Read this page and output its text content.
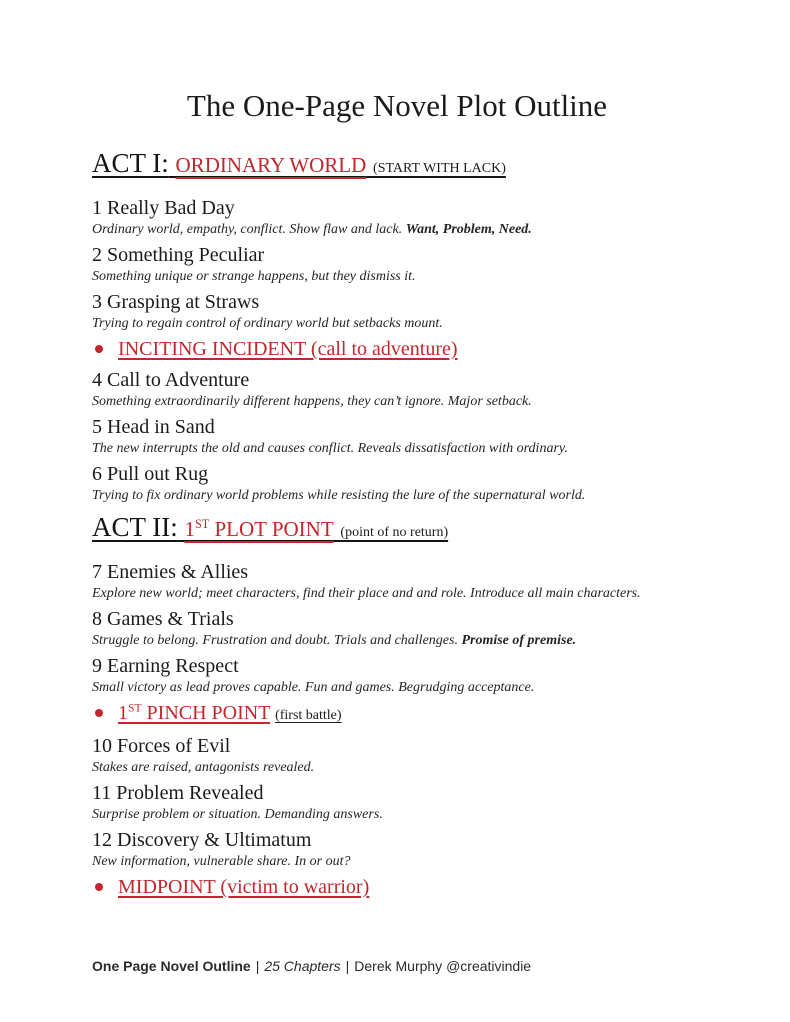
The One-Page Novel Plot Outline
ACT I: ORDINARY WORLD (START WITH LACK)
1 Really Bad Day
Ordinary world, empathy, conflict. Show flaw and lack. Want, Problem, Need.
2 Something Peculiar
Something unique or strange happens, but they dismiss it.
3 Grasping at Straws
Trying to regain control of ordinary world but setbacks mount.
INCITING INCIDENT (call to adventure)
4 Call to Adventure
Something extraordinarily different happens, they can’t ignore. Major setback.
5 Head in Sand
The new interrupts the old and causes conflict. Reveals dissatisfaction with ordinary.
6 Pull out Rug
Trying to fix ordinary world problems while resisting the lure of the supernatural world.
ACT II: 1ST PLOT POINT (point of no return)
7 Enemies & Allies
Explore new world; meet characters, find their place and and role. Introduce all main characters.
8 Games & Trials
Struggle to belong. Frustration and doubt. Trials and challenges. Promise of premise.
9 Earning Respect
Small victory as lead proves capable. Fun and games. Begrudging acceptance.
1ST PINCH POINT (first battle)
10 Forces of Evil
Stakes are raised, antagonists revealed.
11 Problem Revealed
Surprise problem or situation. Demanding answers.
12 Discovery & Ultimatum
New information, vulnerable share. In or out?
MIDPOINT (victim to warrior)
One Page Novel Outline | 25 Chapters | Derek Murphy @creativindie
